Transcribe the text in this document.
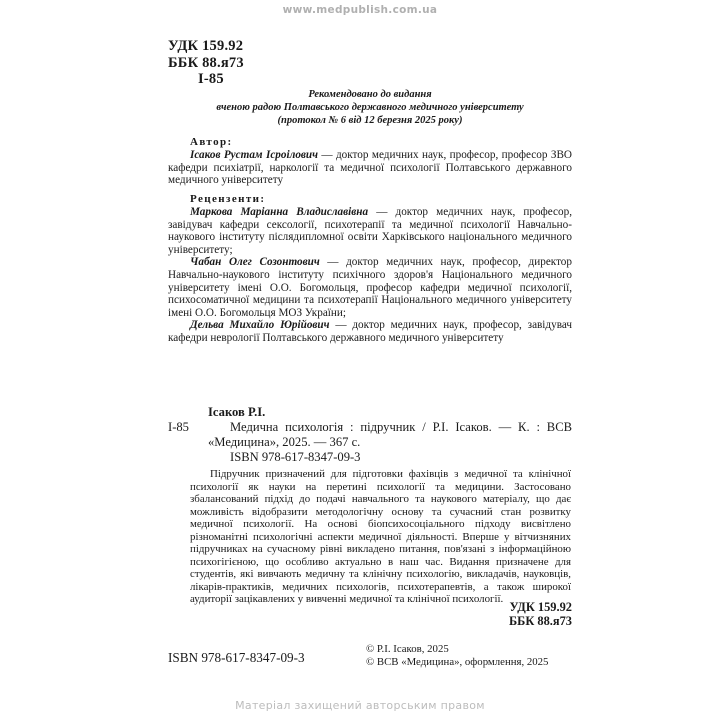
www.medpublish.com.ua
УДК 159.92
ББК 88.я73
І-85
Рекомендовано до видання
вченою радою Полтавського державного медичного університету
(протокол № 6 від 12 березня 2025 року)
Автор:

Ісаков Рустам Ісроілович — доктор медичних наук, професор, професор ЗВО кафедри психіатрії, наркології та медичної психології Полтавського державного медичного університету

Рецензенти:

Маркова Маріанна Владиславівна — доктор медичних наук, професор, завідувач кафедри сексології, психотерапії та медичної психології Навчально-наукового інституту післядипломної освіти Харківського національного медичного університету;

Чабан Олег Созонтович — доктор медичних наук, професор, директор Навчально-наукового інституту психічного здоров'я Національного медичного університету імені О.О. Богомольця, професор кафедри медичної психології, психосоматичної медицини та психотерапії Національного медичного університету імені О.О. Богомольця МОЗ України;

Дельва Михайло Юрійович — доктор медичних наук, професор, завідувач кафедри неврології Полтавського державного медичного університету

Ісаков Р.І.
І-85	Медична психологія : підручник / Р.І. Ісаков. — К. : ВСВ «Медицина», 2025. — 367 с.
ISBN 978-617-8347-09-3
Підручник призначений для підготовки фахівців з медичної та клінічної психології як науки на перетині психології та медицини. Застосовано збалансований підхід до подачі навчального та наукового матеріалу, що дає можливість відобразити методологічну основу та сучасний стан розвитку медичної психології. На основі біопсихосоціального підходу висвітлено різноманітні психологічні аспекти медичної діяльності. Вперше у вітчизняних підручниках на сучасному рівні викладено питання, пов'язані з інформаційною психогігієною, що особливо актуально в наш час. Видання призначене для студентів, які вивчають медичну та клінічну психологію, викладачів, науковців, лікарів-практиків, медичних психологів, психотерапевтів, а також широкої аудиторії зацікавлених у вивченні медичної та клінічної психології.
УДК 159.92
ББК 88.я73
ISBN 978-617-8347-09-3
© Р.І. Ісаков, 2025
© ВСВ «Медицина», оформлення, 2025
Матеріал захищений авторським правом
